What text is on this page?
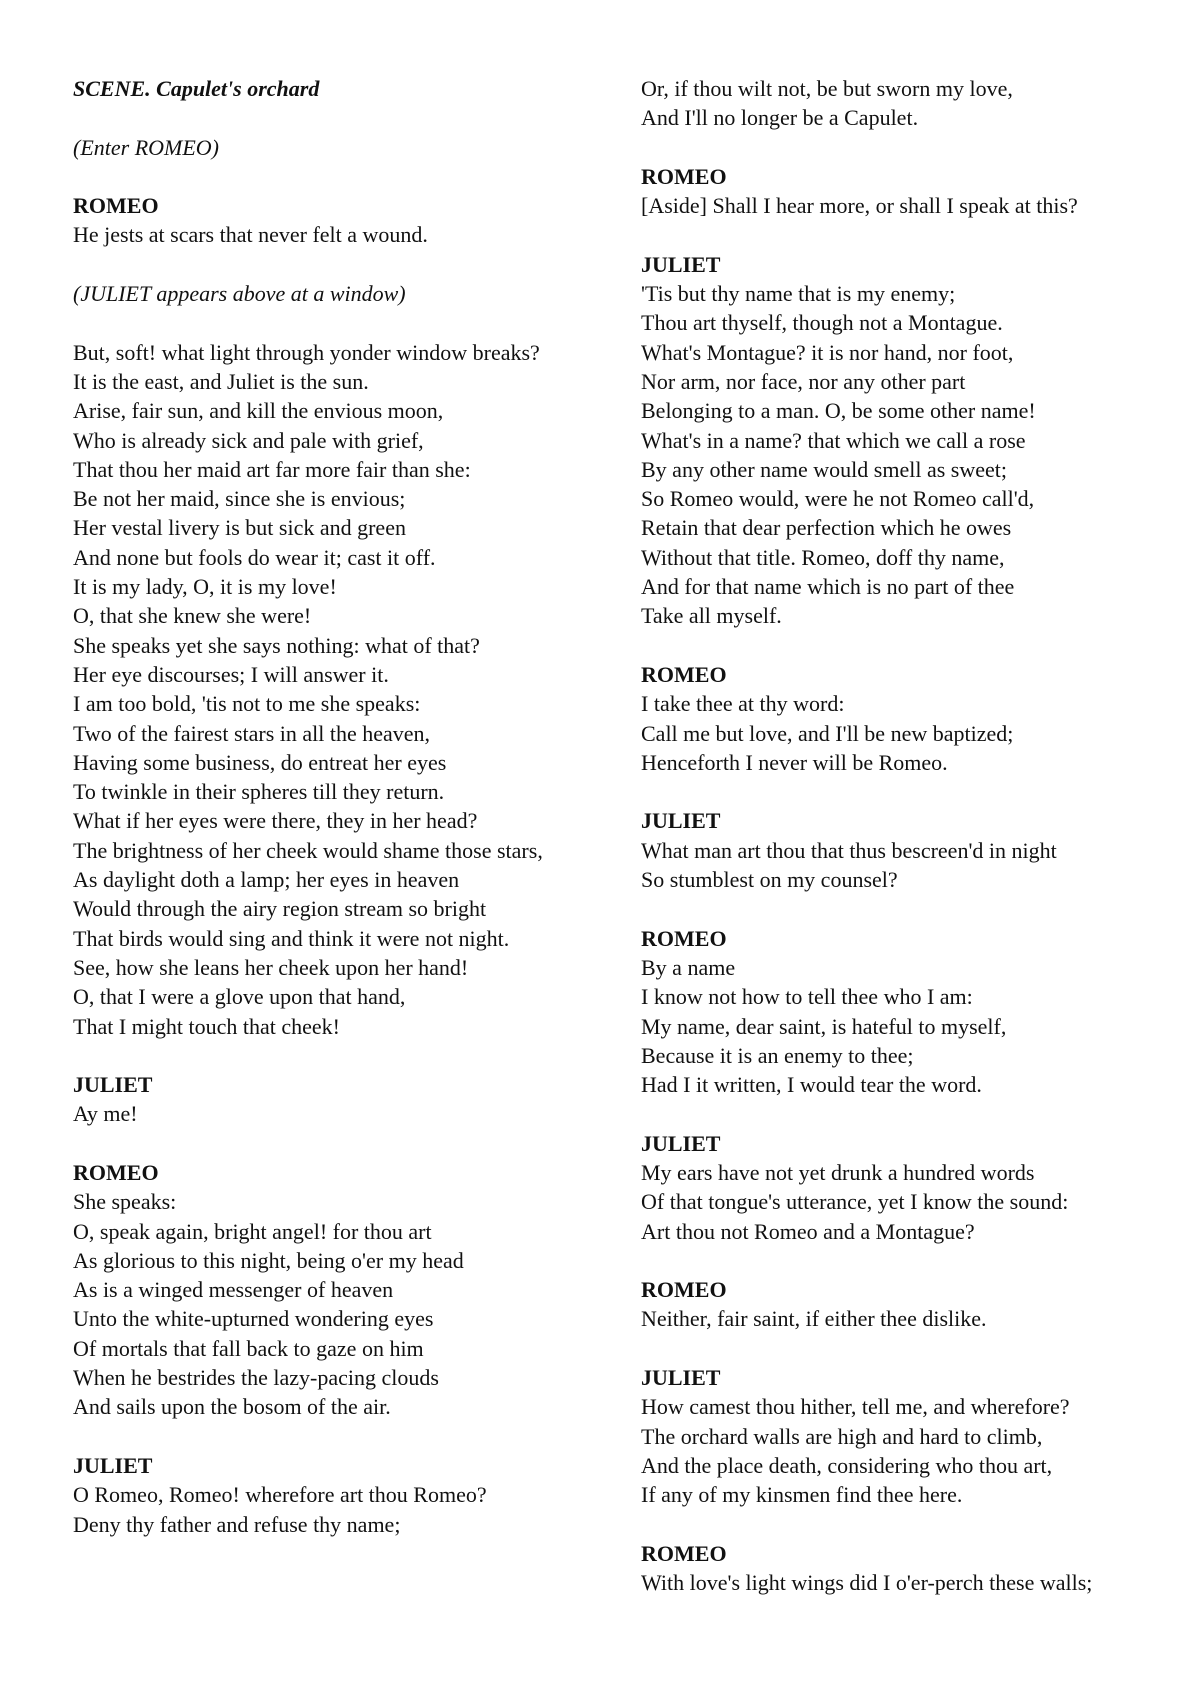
SCENE. Capulet's orchard
(Enter ROMEO)
ROMEO
He jests at scars that never felt a wound.
(JULIET appears above at a window)
But, soft! what light through yonder window breaks?
It is the east, and Juliet is the sun.
Arise, fair sun, and kill the envious moon,
Who is already sick and pale with grief,
That thou her maid art far more fair than she:
Be not her maid, since she is envious;
Her vestal livery is but sick and green
And none but fools do wear it; cast it off.
It is my lady, O, it is my love!
O, that she knew she were!
She speaks yet she says nothing: what of that?
Her eye discourses; I will answer it.
I am too bold, 'tis not to me she speaks:
Two of the fairest stars in all the heaven,
Having some business, do entreat her eyes
To twinkle in their spheres till they return.
What if her eyes were there, they in her head?
The brightness of her cheek would shame those stars,
As daylight doth a lamp; her eyes in heaven
Would through the airy region stream so bright
That birds would sing and think it were not night.
See, how she leans her cheek upon her hand!
O, that I were a glove upon that hand,
That I might touch that cheek!
JULIET
Ay me!
ROMEO
She speaks:
O, speak again, bright angel! for thou art
As glorious to this night, being o'er my head
As is a winged messenger of heaven
Unto the white-upturned wondering eyes
Of mortals that fall back to gaze on him
When he bestrides the lazy-pacing clouds
And sails upon the bosom of the air.
JULIET
O Romeo, Romeo! wherefore art thou Romeo?
Deny thy father and refuse thy name;
Or, if thou wilt not, be but sworn my love,
And I'll no longer be a Capulet.
ROMEO
[Aside] Shall I hear more, or shall I speak at this?
JULIET
'Tis but thy name that is my enemy;
Thou art thyself, though not a Montague.
What's Montague? it is nor hand, nor foot,
Nor arm, nor face, nor any other part
Belonging to a man. O, be some other name!
What's in a name? that which we call a rose
By any other name would smell as sweet;
So Romeo would, were he not Romeo call'd,
Retain that dear perfection which he owes
Without that title. Romeo, doff thy name,
And for that name which is no part of thee
Take all myself.
ROMEO
I take thee at thy word:
Call me but love, and I'll be new baptized;
Henceforth I never will be Romeo.
JULIET
What man art thou that thus bescreen'd in night
So stumblest on my counsel?
ROMEO
By a name
I know not how to tell thee who I am:
My name, dear saint, is hateful to myself,
Because it is an enemy to thee;
Had I it written, I would tear the word.
JULIET
My ears have not yet drunk a hundred words
Of that tongue's utterance, yet I know the sound:
Art thou not Romeo and a Montague?
ROMEO
Neither, fair saint, if either thee dislike.
JULIET
How camest thou hither, tell me, and wherefore?
The orchard walls are high and hard to climb,
And the place death, considering who thou art,
If any of my kinsmen find thee here.
ROMEO
With love's light wings did I o'er-perch these walls;
